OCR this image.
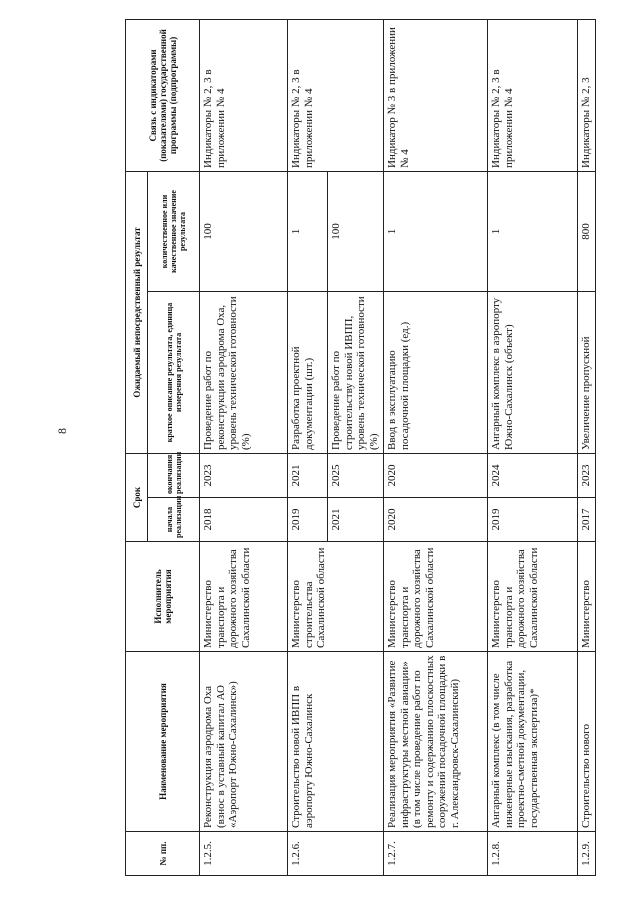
8
№ пп.	Наименование мероприятия	Исполнитель мероприятия	Срок		Ожидаемый непосредственный результат		Связь с индикаторами (показателями) государственной программы (подпрограммы)
			начала реализации	окончания реализации	краткое описание результата, единица измерения результата	количественное или качественное значение результата	
1.2.5.	Реконструкция аэродрома Оха (взнос в уставный капитал АО «Аэропорт Южно-Сахалинск»)	Министерство транспорта и дорожного хозяйства Сахалинской области	2018	2023	Проведение работ по реконструкции аэродрома Оха, уровень технической готовности (%)	100	Индикаторы № 2, 3 в приложении № 4
1.2.6.	Строительство новой ИВПП в аэропорту Южно-Сахалинск	Министерство строительства Сахалинской области	2019	2021	Разработка проектной документации (шт.)	1	Индикаторы № 2, 3 в приложении № 4
			2021	2025	Проведение работ по строительству новой ИВПП, уровень технической готовности (%)	100	
1.2.7.	Реализация мероприятия «Развитие инфраструктуры местной авиации» (в том числе проведение работ по ремонту и содержанию плоскостных сооружений посадочной площадки в г. Александровск-Сахалинский)	Министерство транспорта и дорожного хозяйства Сахалинской области	2020	2020	Ввод в эксплуатацию посадочной площадки (ед.)	1	Индикатор № 3 в приложении № 4
1.2.8.	Ангарный комплекс (в том числе инженерные изыскания, разработка проектно-сметной документации, государственная экспертиза)*	Министерство транспорта и дорожного хозяйства Сахалинской области	2019	2024	Ангарный комплекс в аэропорту Южно-Сахалинск (объект)	1	Индикаторы № 2, 3 в приложении № 4
1.2.9.	Строительство нового	Министерство	2017	2023	Увеличение пропускной	800	Индикаторы № 2, 3
